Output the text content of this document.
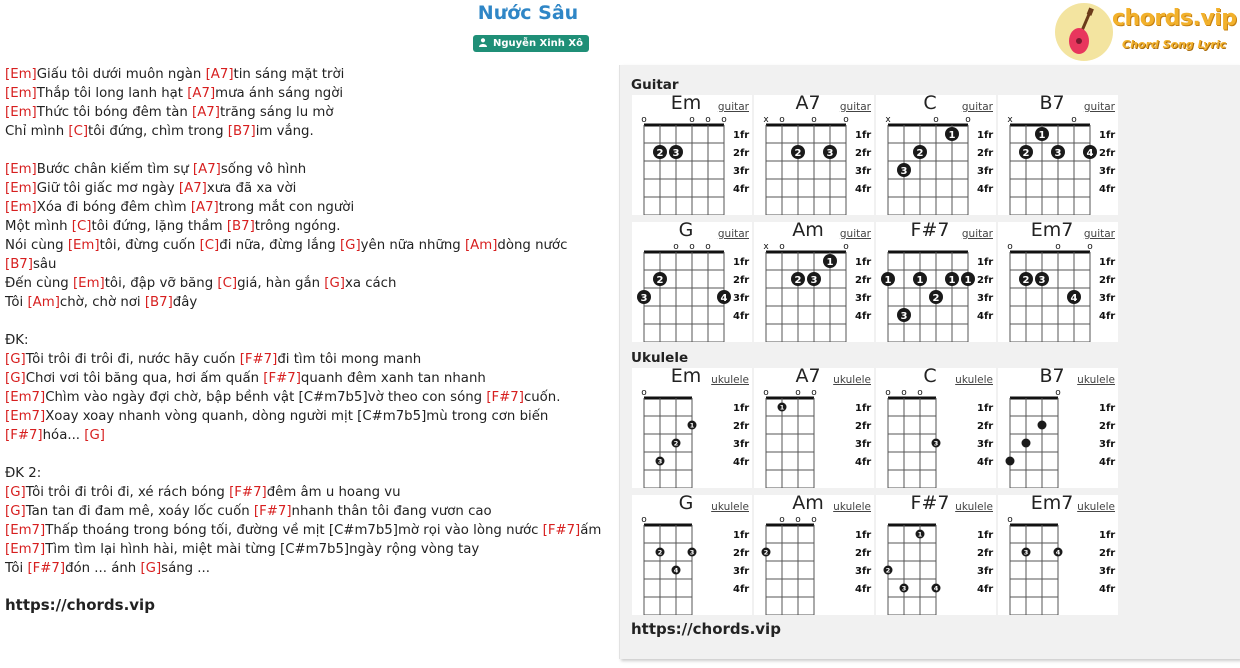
Nước Sâu
Nguyễn Xinh Xô
chords.vip
Chord Song Lyric
[Em]Giấu tôi dưới muôn ngàn [A7]tin sáng mặt trời
[Em]Thắp tôi long lanh hạt [A7]mưa ánh sáng ngời
[Em]Thức tôi bóng đêm tàn [A7]trăng sáng lu mờ
Chỉ mình [C]tôi đứng, chìm trong [B7]im vắng.
[Em]Bước chân kiếm tìm sự [A7]sống vô hình
[Em]Giữ tôi giấc mơ ngày [A7]xưa đã xa vời
[Em]Xóa đi bóng đêm chìm [A7]trong mắt con người
Một mình [C]tôi đứng, lặng thầm [B7]trông ngóng.
Nói cùng [Em]tôi, đừng cuốn [C]đi nữa, đừng lắng [G]yên nữa những [Am]dòng nước
[B7]sâu
Đến cùng [Em]tôi, đập vỡ băng [C]giá, hàn gắn [G]xa cách
Tôi [Am]chờ, chờ nơi [B7]đây
ĐK:
[G]Tôi trôi đi trôi đi, nước hãy cuốn [F#7]đi tìm tôi mong manh
[G]Chơi vơi tôi băng qua, hơi ấm quấn [F#7]quanh đêm xanh tan nhanh
[Em7]Chìm vào ngày đợi chờ, bập bềnh vật [C#m7b5]vờ theo con sóng [F#7]cuốn.
[Em7]Xoay xoay nhanh vòng quanh, dòng người mịt [C#m7b5]mù trong cơn biến
[F#7]hóa... [G]
ĐK 2:
[G]Tôi trôi đi trôi đi, xé rách bóng [F#7]đêm âm u hoang vu
[G]Tan tan đi đam mê, xoáy lốc cuốn [F#7]nhanh thân tôi đang vươn cao
[Em7]Thấp thoáng trong bóng tối, đường về mịt [C#m7b5]mờ rọi vào lòng nước [F#7]ấm
[Em7]Tìm tìm lại hình hài, miệt mài từng [C#m7b5]ngày rộng vòng tay
Tôi [F#7]đón ... ánh [G]sáng ...
https://chords.vip
Guitar
Ukulele
https://chords.vip
Em	guitar
o	o o o
1fr
2fr
3fr
4fr
2 3
A7	guitar
x o	o	o
1fr
2fr
3fr
4fr
2	3
C	guitar
x	o	o
1fr
2fr
3fr
4fr
1
2
3
B7	guitar
x	o
1fr
2fr
3fr
4fr
1
2	3	4
G	guitar
o o o
1fr
2fr
3fr
4fr
2
3	4
Am	guitar
x o	o
1fr
2fr
3fr
4fr
1
2 3
F#7	guitar
1fr
2fr
3fr
4fr
1	1	1 1
2
3
Em7	guitar
o	o	o
1fr
2fr
3fr
4fr
2 3
4
Em ukulele
o
1fr
2fr
3fr
4fr
1
2
3
A7	ukulele
o	o o
1fr
2fr
3fr
4fr
1
C	ukulele
o o o
1fr
2fr
3fr
4fr
3
B7	ukulele
o
1fr
2fr
3fr
4fr
G	ukulele
o
1fr
2fr
3fr
4fr
2	3
4
Am ukulele
o o o
1fr
2fr
3fr
4fr
2
F#7 ukulele
1fr
2fr
3fr
4fr
1
2
3	4
Em7 ukulele
o
1fr
2fr
3fr
4fr
3	4
